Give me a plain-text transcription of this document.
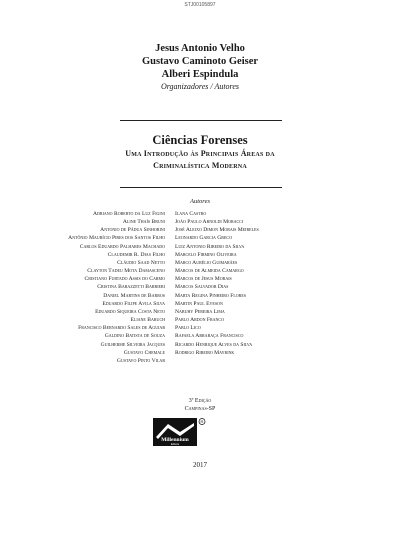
STJ00105897
Jesus Antonio Velho
Gustavo Caminoto Geiser
Alberi Espindula
Organizadores / Autores
Ciências Forenses
Uma Introdução às Principais Áreas da
Criminalística Moderna
Autores
Adriano Roberto da Luz Figini
Aline Thaís Bruni
Antonio de Pádua Sinhorini
Antônio Maurício Pires dos Santos Filho
Carlos Eduardo Palhares Machado
Claudemir R. Dias Filho
Cláudio Saad Netto
Clayton Tadeu Mota Damasceno
Cristiano Furtado Assis do Carmo
Cristina Barazzetti Barbieri
Daniel Martins de Barros
Eduardo Filipe Avila Silva
Eduardo Siqueira Costa Neto
Eliane Baruch
Francisco Bernardo Sales de Aguiar
Galdino Batista de Souza
Guilherme Silveira Jacques
Gustavo Chemale
Gustavo Pinto Vilar
Ilana Castro
João Paulo Arnoldi Moracci
José Aleixo Dimon Morais Meireles
Leonardo Garcia Greco
Luiz Antonio Ribeiro da Silva
Marcelo Firmino Oliveira
Marco Aurélio Guimarães
Marcos de Almeida Camargo
Marcos de Jesus Morais
Marcos Salvador Dias
Marta Regina Pinheiro Flores
Martin Paul Eveson
Nabuhy Pereira Lima
Pablo Ardon Franco
Pablo Lico
Rafaela Arrabaça Francisco
Ricardo Henrique Alves da Silva
Rodrigo Ribeiro Mayrink
3ª Edição
Campinas-SP
Millennium
Editora
R
2017
